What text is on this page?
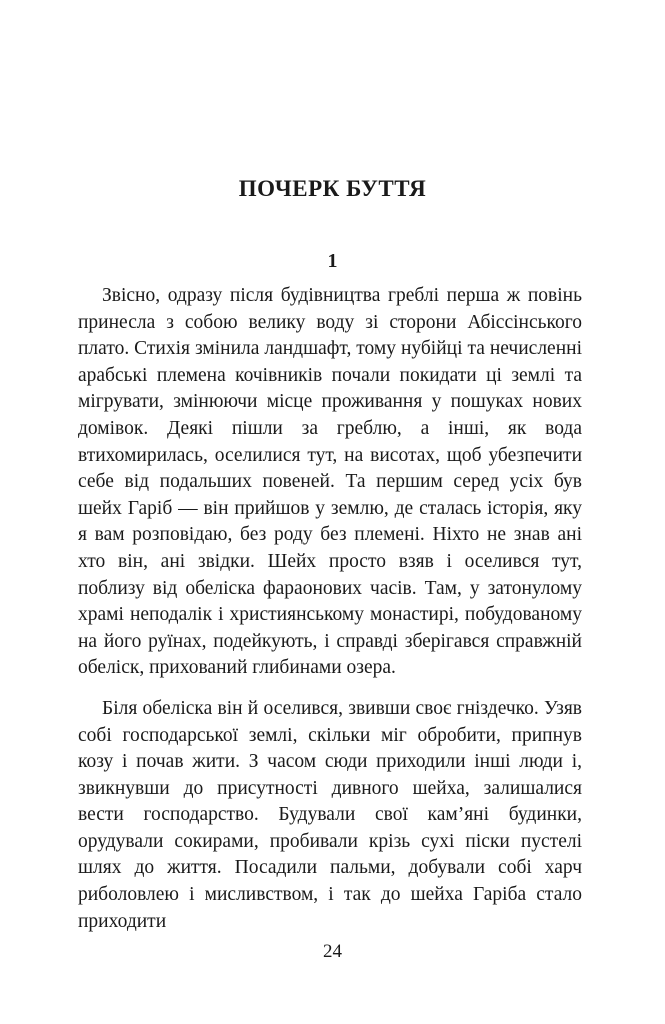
ПОЧЕРК БУТТЯ
1

Звісно, одразу після будівництва греблі перша ж повінь принесла з собою велику воду зі сторони Абіссінського плато. Стихія змінила ландшафт, тому нубійці та нечисленні арабські племена кочівників почали покидати ці землі та мігрувати, змінюючи місце проживання у пошуках нових домівок. Деякі пішли за греблю, а інші, як вода втихомирилась, оселилися тут, на висотах, щоб убезпечити себе від подальших повеней. Та першим серед усіх був шейх Гаріб — він прийшов у землю, де сталась історія, яку я вам розповідаю, без роду без племені. Ніхто не знав ані хто він, ані звідки. Шейх просто взяв і оселився тут, поблизу від обеліска фараонових часів. Там, у затонулому храмі неподалік і християнському монастирі, побудованому на його руїнах, подейкують, і справді зберігався справжній обеліск, прихований глибинами озера.

Біля обеліска він й оселився, звивши своє гніздечко. Узяв собі господарської землі, скільки міг обробити, припнув козу і почав жити. З часом сюди приходили інші люди і, звикнувши до присутності дивного шейха, залишалися вести господарство. Будували свої кам’яні будинки, орудували сокирами, пробивали крізь сухі піски пустелі шлях до життя. Посадили пальми, добували собі харч риболовлею і мисливством, і так до шейха Гаріба стало приходити

24
